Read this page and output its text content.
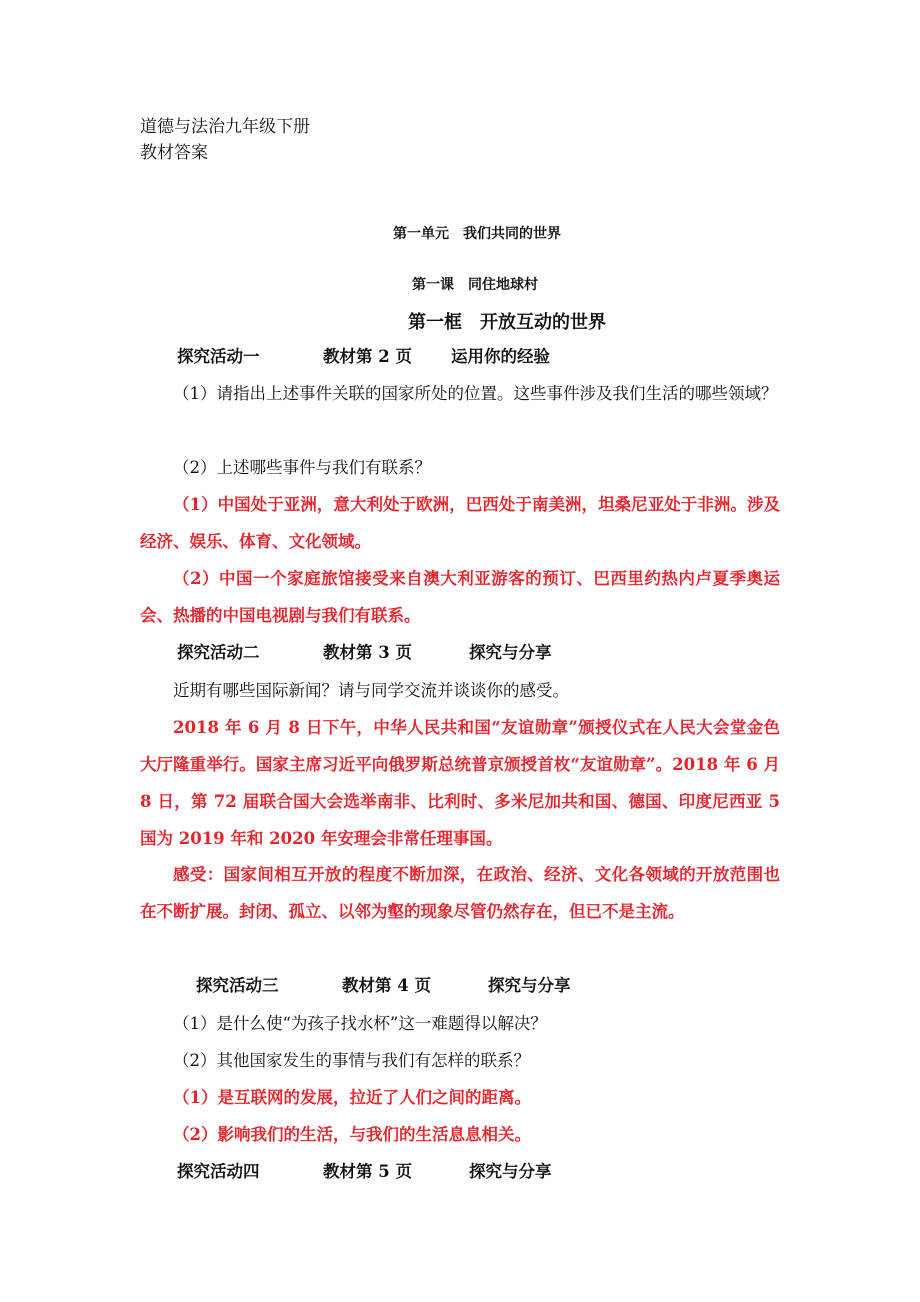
道德与法治九年级下册
教材答案
第一单元　我们共同的世界
第一课　同住地球村
第一框　开放互动的世界
探究活动一	教材第 2 页 运用你的经验
（1）请指出上述事件关联的国家所处的位置。这些事件涉及我们生活的哪些领域？
（2）上述哪些事件与我们有联系？
（1）中国处于亚洲，意大利处于欧洲，巴西处于南美洲，坦桑尼亚处于非洲。涉及经济、娱乐、体育、文化领域。
（2）中国一个家庭旅馆接受来自澳大利亚游客的预订、巴西里约热内卢夏季奥运会、热播的中国电视剧与我们有联系。
探究活动二	教材第 3 页	探究与分享
近期有哪些国际新闻？请与同学交流并谈谈你的感受。
2018 年 6 月 8 日下午，中华人民共和国“友谊勋章”颁授仪式在人民大会堂金色大厅隆重举行。国家主席习近平向俄罗斯总统普京颁授首枚“友谊勋章”。2018 年 6 月 8 日，第 72 届联合国大会选举南非、比利时、多米尼加共和国、德国、印度尼西亚 5 国为 2019 年和 2020 年安理会非常任理事国。
感受：国家间相互开放的程度不断加深，在政治、经济、文化各领域的开放范围也在不断扩展。封闭、孤立、以邻为壑的现象尽管仍然存在，但已不是主流。
探究活动三	教材第 4 页	探究与分享
（1）是什么使“为孩子找水杯”这一难题得以解决？
（2）其他国家发生的事情与我们有怎样的联系？
（1）是互联网的发展，拉近了人们之间的距离。
（2）影响我们的生活，与我们的生活息息相关。
探究活动四	教材第 5 页	探究与分享
